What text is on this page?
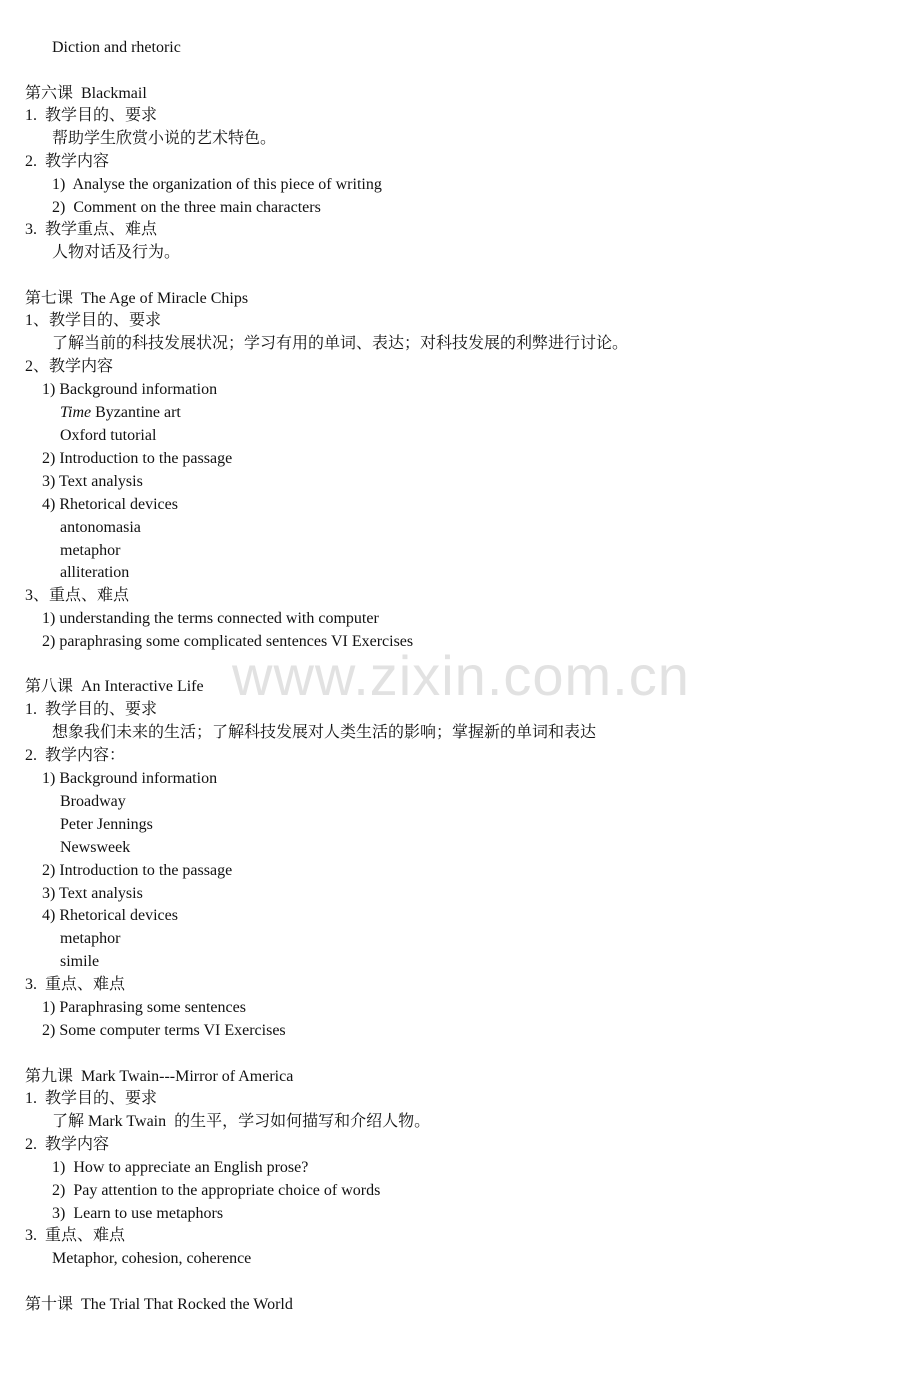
Diction and rhetoric
第六课  Blackmail
1.  教学目的、要求
帮助学生欣赏小说的艺术特色。
2.  教学内容
1)  Analyse the organization of this piece of writing
2)  Comment on the three main characters
3.  教学重点、难点
人物对话及行为。
第七课  The Age of Miracle Chips
1、教学目的、要求
了解当前的科技发展状况；学习有用的单词、表达；对科技发展的利弊进行讨论。
2、教学内容
1) Background information
Time Byzantine art
Oxford tutorial
2) Introduction to the passage
3) Text analysis
4) Rhetorical devices
antonomasia
metaphor
alliteration
3、重点、难点
1) understanding the terms connected with computer
2) paraphrasing some complicated sentences VI Exercises
第八课  An Interactive Life
1.  教学目的、要求
想象我们未来的生活；了解科技发展对人类生活的影响；掌握新的单词和表达
2.  教学内容：
1) Background information
Broadway
Peter Jennings
Newsweek
2) Introduction to the passage
3) Text analysis
4) Rhetorical devices
metaphor
simile
3.  重点、难点
1) Paraphrasing some sentences
2) Some computer terms VI Exercises
第九课  Mark Twain---Mirror of America
1.  教学目的、要求
了解 Mark Twain  的生平，学习如何描写和介绍人物。
2.  教学内容
1)  How to appreciate an English prose?
2)  Pay attention to the appropriate choice of words
3)  Learn to use metaphors
3.  重点、难点
Metaphor, cohesion, coherence
第十课  The Trial That Rocked the World
www.zixin.com.cn
